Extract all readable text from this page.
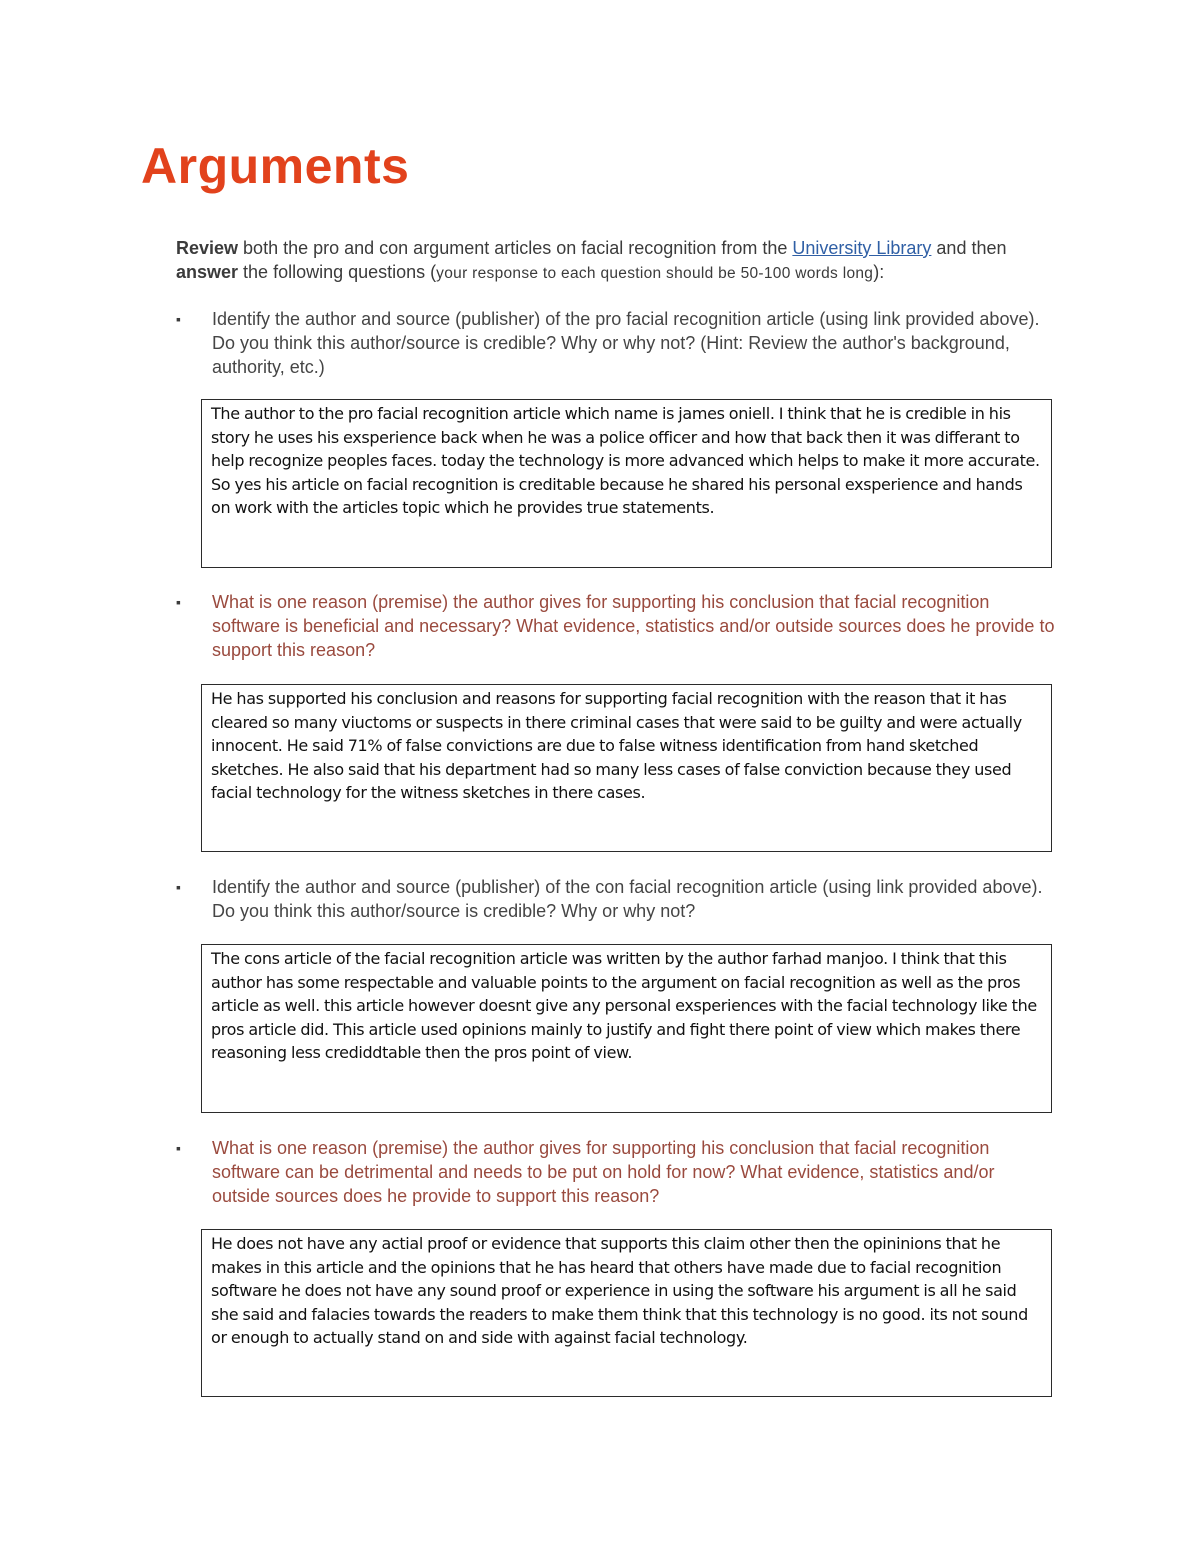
Arguments
Review both the pro and con argument articles on facial recognition from the University Library and then answer the following questions (your response to each question should be 50-100 words long):
▪	Identify the author and source (publisher) of the pro facial recognition article (using link provided above). Do you think this author/source is credible? Why or why not? (Hint: Review the author's background, authority, etc.)
The author to the pro facial recognition article which name is james oniell. I think that he is credible in his story he uses his exsperience back when he was a police officer and how that back then it was differant to help recognize peoples faces. today the technology is more advanced which helps to make it more accurate. So yes his article on facial recognition is creditable because he shared his personal exsperience and hands on work with the articles topic which he provides true statements.
▪	What is one reason (premise) the author gives for supporting his conclusion that facial recognition software is beneficial and necessary? What evidence, statistics and/or outside sources does he provide to support this reason?
He has supported his conclusion and reasons for supporting facial recognition with the reason that it has cleared so many viuctoms or suspects in there criminal cases that were said to be guilty and were actually innocent. He said 71% of false convictions are due to false witness identiﬁcation from hand sketched sketches. He also said that his department had so many less cases of false conviction because they used facial technology for the witness sketches in there cases.
▪	Identify the author and source (publisher) of the con facial recognition article (using link provided above). Do you think this author/source is credible? Why or why not?
The cons article of the facial recognition article was written by the author farhad manjoo. I think that this author has some respectable and valuable points to the argument on facial recognition as well as the pros article as well. this article however doesnt give any personal exsperiences with the facial technology like the pros article did. This article used opinions mainly to justify and ﬁght there point of view which makes there reasoning less crediddtable then the pros point of view.
▪	What is one reason (premise) the author gives for supporting his conclusion that facial recognition software can be detrimental and needs to be put on hold for now? What evidence, statistics and/or outside sources does he provide to support this reason?
He does not have any actial proof or evidence that supports this claim other then the opininions that he makes in this article and the opinions that he has heard that others have made due to facial recognition software he does not have any sound proof or experience in using the software his argument is all he said she said and falacies towards the readers to make them think that this technology is no good. its not sound or enough to actually stand on and side with against facial technology.
